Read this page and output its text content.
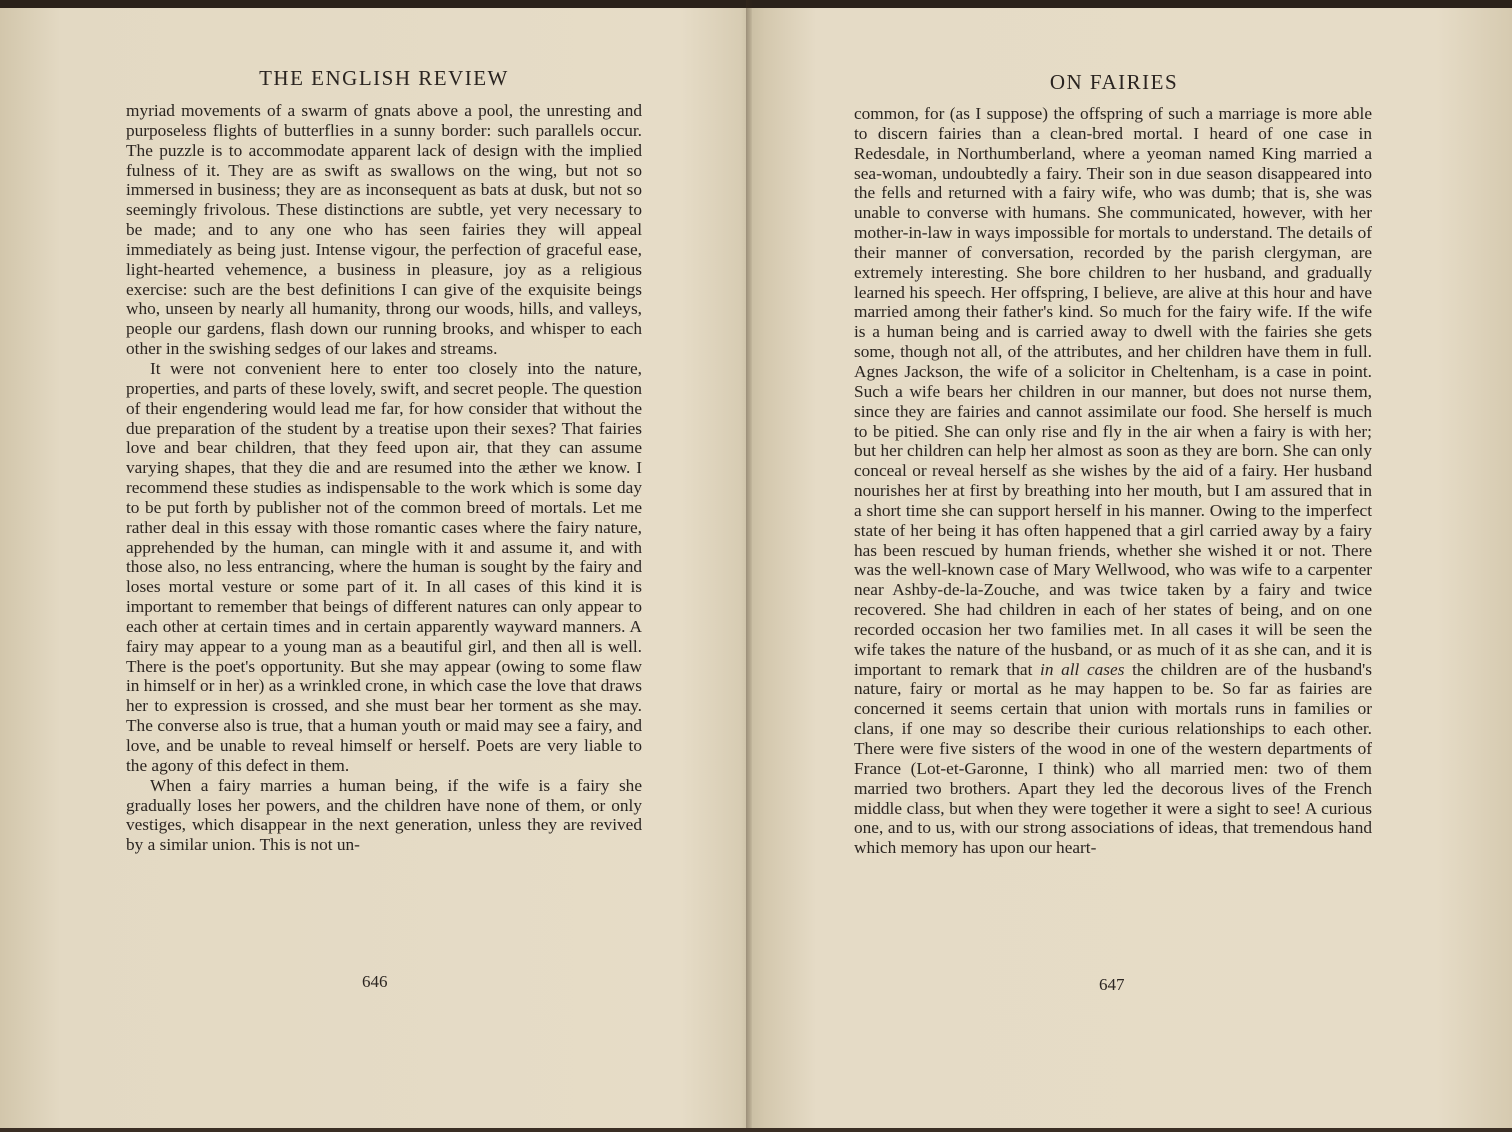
THE ENGLISH REVIEW

myriad movements of a swarm of gnats above a pool, the unresting and purposeless flights of butterflies in a sunny border: such parallels occur. The puzzle is to accommodate apparent lack of design with the implied fulness of it. They are as swift as swallows on the wing, but not so immersed in business; they are as inconsequent as bats at dusk, but not so seemingly frivolous. These distinctions are subtle, yet very necessary to be made; and to any one who has seen fairies they will appeal immediately as being just. Intense vigour, the perfection of graceful ease, light-hearted vehemence, a business in pleasure, joy as a religious exercise: such are the best definitions I can give of the exquisite beings who, unseen by nearly all humanity, throng our woods, hills, and valleys, people our gardens, flash down our running brooks, and whisper to each other in the swishing sedges of our lakes and streams.

It were not convenient here to enter too closely into the nature, properties, and parts of these lovely, swift, and secret people. The question of their engendering would lead me far, for how consider that without the due preparation of the student by a treatise upon their sexes? That fairies love and bear children, that they feed upon air, that they can assume varying shapes, that they die and are resumed into the æther we know. I recommend these studies as indispensable to the work which is some day to be put forth by publisher not of the common breed of mortals. Let me rather deal in this essay with those romantic cases where the fairy nature, apprehended by the human, can mingle with it and assume it, and with those also, no less entrancing, where the human is sought by the fairy and loses mortal vesture or some part of it. In all cases of this kind it is important to remember that beings of different natures can only appear to each other at certain times and in certain apparently wayward manners. A fairy may appear to a young man as a beautiful girl, and then all is well. There is the poet's opportunity. But she may appear (owing to some flaw in himself or in her) as a wrinkled crone, in which case the love that draws her to expression is crossed, and she must bear her torment as she may. The converse also is true, that a human youth or maid may see a fairy, and love, and be unable to reveal himself or herself. Poets are very liable to the agony of this defect in them.

When a fairy marries a human being, if the wife is a fairy she gradually loses her powers, and the children have none of them, or only vestiges, which disappear in the next generation, unless they are revived by a similar union. This is not un-

646
ON FAIRIES

common, for (as I suppose) the offspring of such a marriage is more able to discern fairies than a clean-bred mortal. I heard of one case in Redesdale, in Northumberland, where a yeoman named King married a sea-woman, undoubtedly a fairy. Their son in due season disappeared into the fells and returned with a fairy wife, who was dumb; that is, she was unable to converse with humans. She communicated, however, with her mother-in-law in ways impossible for mortals to understand. The details of their manner of conversation, recorded by the parish clergyman, are extremely interesting. She bore children to her husband, and gradually learned his speech. Her offspring, I believe, are alive at this hour and have married among their father's kind. So much for the fairy wife. If the wife is a human being and is carried away to dwell with the fairies she gets some, though not all, of the attributes, and her children have them in full. Agnes Jackson, the wife of a solicitor in Cheltenham, is a case in point. Such a wife bears her children in our manner, but does not nurse them, since they are fairies and cannot assimilate our food. She herself is much to be pitied. She can only rise and fly in the air when a fairy is with her; but her children can help her almost as soon as they are born. She can only conceal or reveal herself as she wishes by the aid of a fairy. Her husband nourishes her at first by breathing into her mouth, but I am assured that in a short time she can support herself in his manner. Owing to the imperfect state of her being it has often happened that a girl carried away by a fairy has been rescued by human friends, whether she wished it or not. There was the well-known case of Mary Wellwood, who was wife to a carpenter near Ashby-de-la-Zouche, and was twice taken by a fairy and twice recovered. She had children in each of her states of being, and on one recorded occasion her two families met. In all cases it will be seen the wife takes the nature of the husband, or as much of it as she can, and it is important to remark that in all cases the children are of the husband's nature, fairy or mortal as he may happen to be. So far as fairies are concerned it seems certain that union with mortals runs in families or clans, if one may so describe their curious relationships to each other. There were five sisters of the wood in one of the western departments of France (Lot-et-Garonne, I think) who all married men: two of them married two brothers. Apart they led the decorous lives of the French middle class, but when they were together it were a sight to see! A curious one, and to us, with our strong associations of ideas, that tremendous hand which memory has upon our heart-

647
